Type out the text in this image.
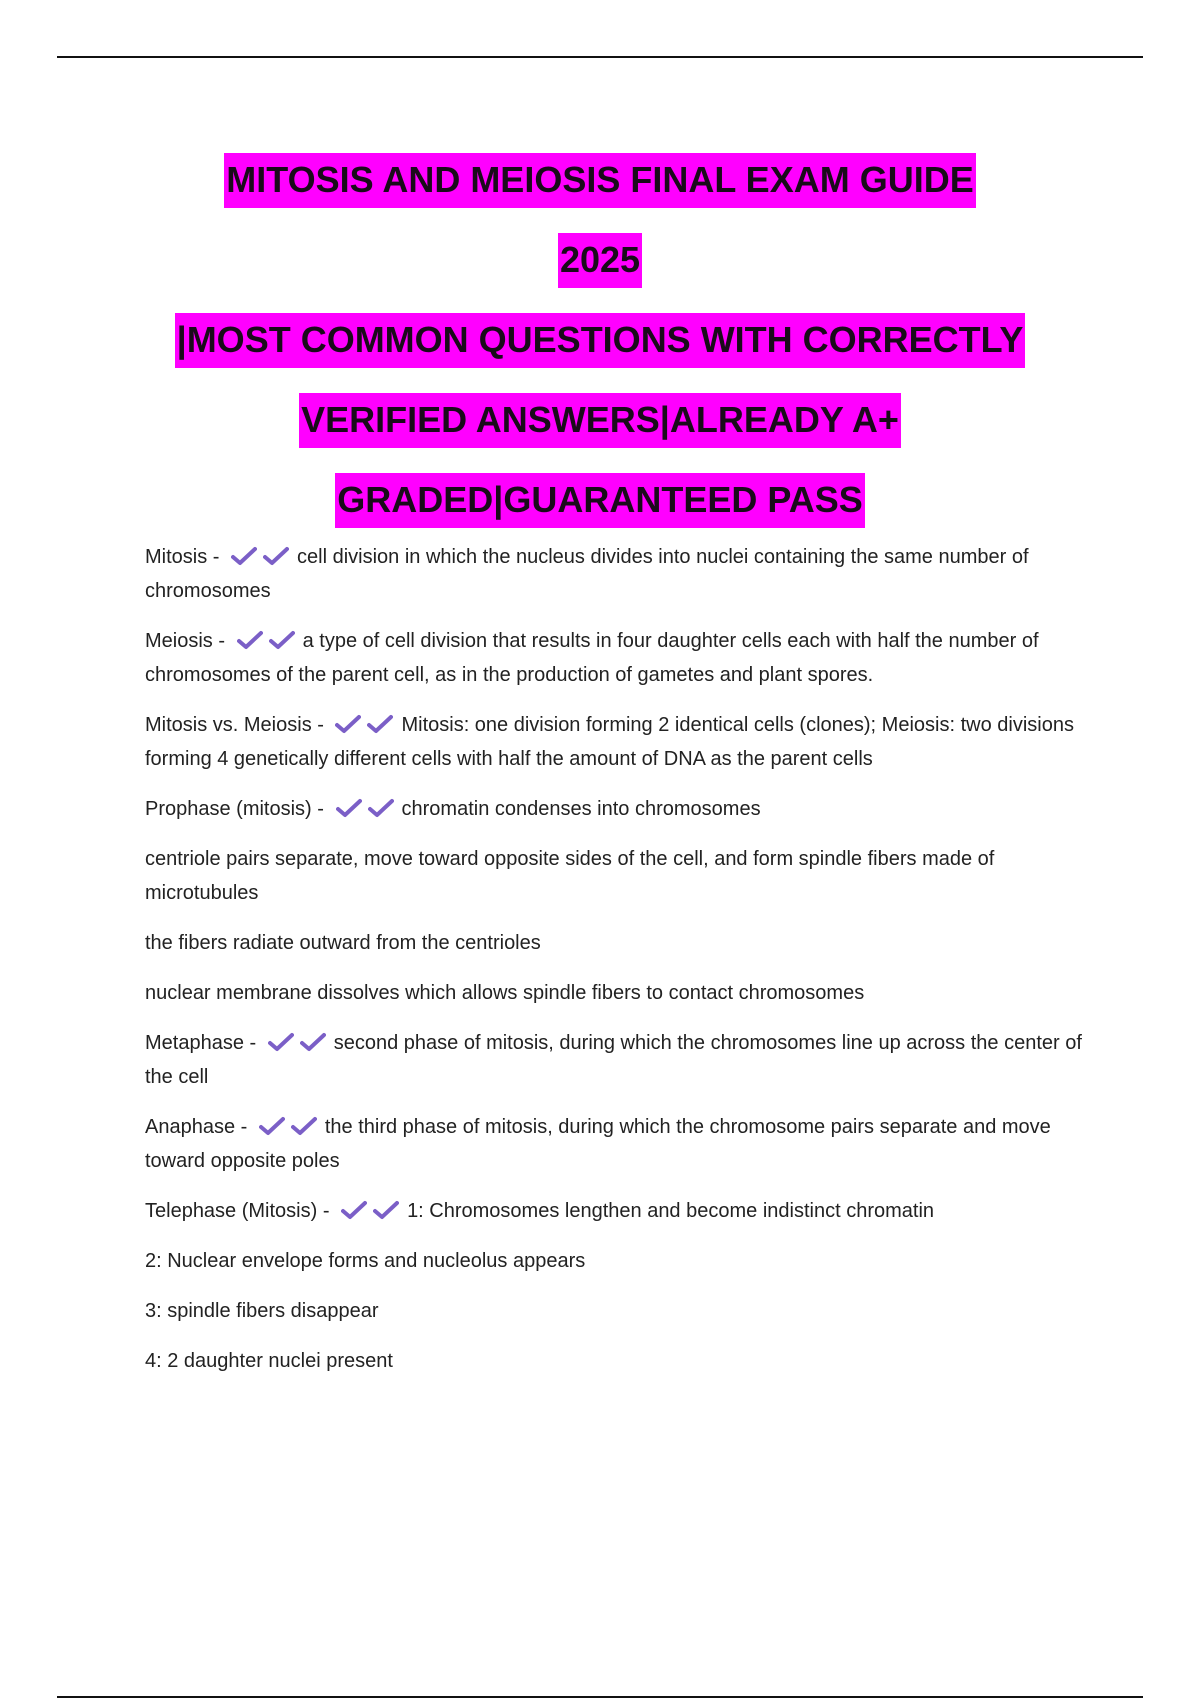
MITOSIS AND MEIOSIS FINAL EXAM GUIDE
2025
|MOST COMMON QUESTIONS WITH CORRECTLY
VERIFIED ANSWERS|ALREADY A+
GRADED|GUARANTEED PASS
Mitosis -	cell division in which the nucleus divides into nuclei containing the same number of chromosomes
Meiosis -	a type of cell division that results in four daughter cells each with half the number of chromosomes of the parent cell, as in the production of gametes and plant spores.
Mitosis vs. Meiosis -	Mitosis: one division forming 2 identical cells (clones); Meiosis: two divisions forming 4 genetically different cells with half the amount of DNA as the parent cells
Prophase (mitosis) -	chromatin condenses into chromosomes
centriole pairs separate, move toward opposite sides of the cell, and form spindle fibers made of microtubules
the fibers radiate outward from the centrioles
nuclear membrane dissolves which allows spindle fibers to contact chromosomes
Metaphase -	second phase of mitosis, during which the chromosomes line up across the center of the cell
Anaphase -	the third phase of mitosis, during which the chromosome pairs separate and move toward opposite poles
Telephase (Mitosis) -	1: Chromosomes lengthen and become indistinct chromatin
2: Nuclear envelope forms and nucleolus appears
3: spindle fibers disappear
4: 2 daughter nuclei present
